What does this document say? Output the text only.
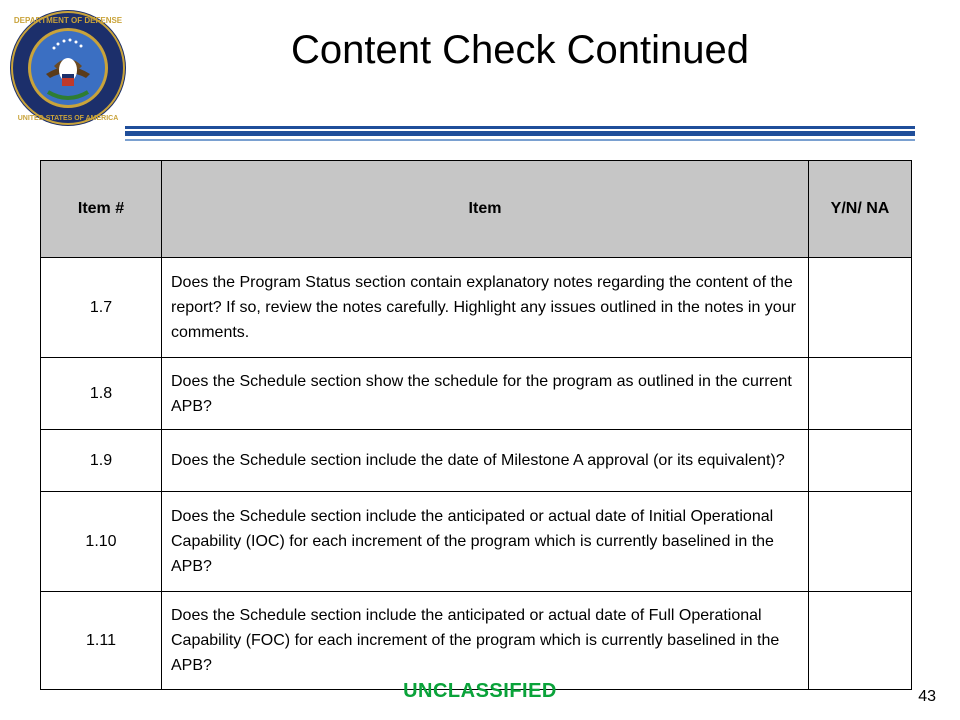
DEPARTMENT OF DEFENSE
UNITED STATES OF AMERICA
Content Check Continued
Item #	Item	Y/N/ NA
1.7	Does the Program Status section contain explanatory notes regarding the content of the report? If so, review the notes carefully. Highlight any issues outlined in the notes in your comments.	
1.8	Does the Schedule section show the schedule for the program as outlined in the current APB?	
1.9	Does the Schedule section include the date of Milestone A approval (or its equivalent)?	
1.10	Does the Schedule section include the anticipated or actual date of Initial Operational Capability (IOC) for each increment of the program which is currently baselined in the APB?	
1.11	Does the Schedule section include the anticipated or actual date of Full Operational Capability (FOC) for each increment of the program which is currently baselined in the APB?	
UNCLASSIFIED	43
